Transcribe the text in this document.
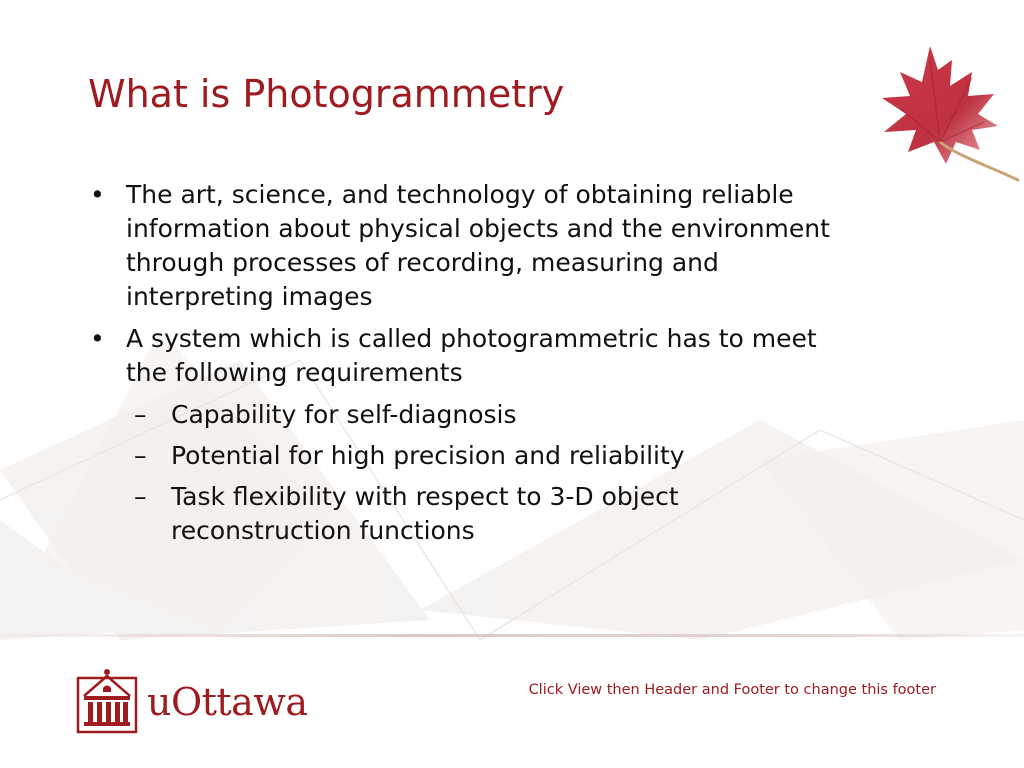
What is Photogrammetry
• The art, science, and technology of obtaining reliable
information about physical objects and the environment
through processes of recording, measuring and
interpreting images
• A system which is called photogrammetric has to meet
the following requirements
– Capability for self-diagnosis
– Potential for high precision and reliability
– Task flexibility with respect to 3-D object reconstruction functions
uOttawa	Click View then Header and Footer to change this footer
